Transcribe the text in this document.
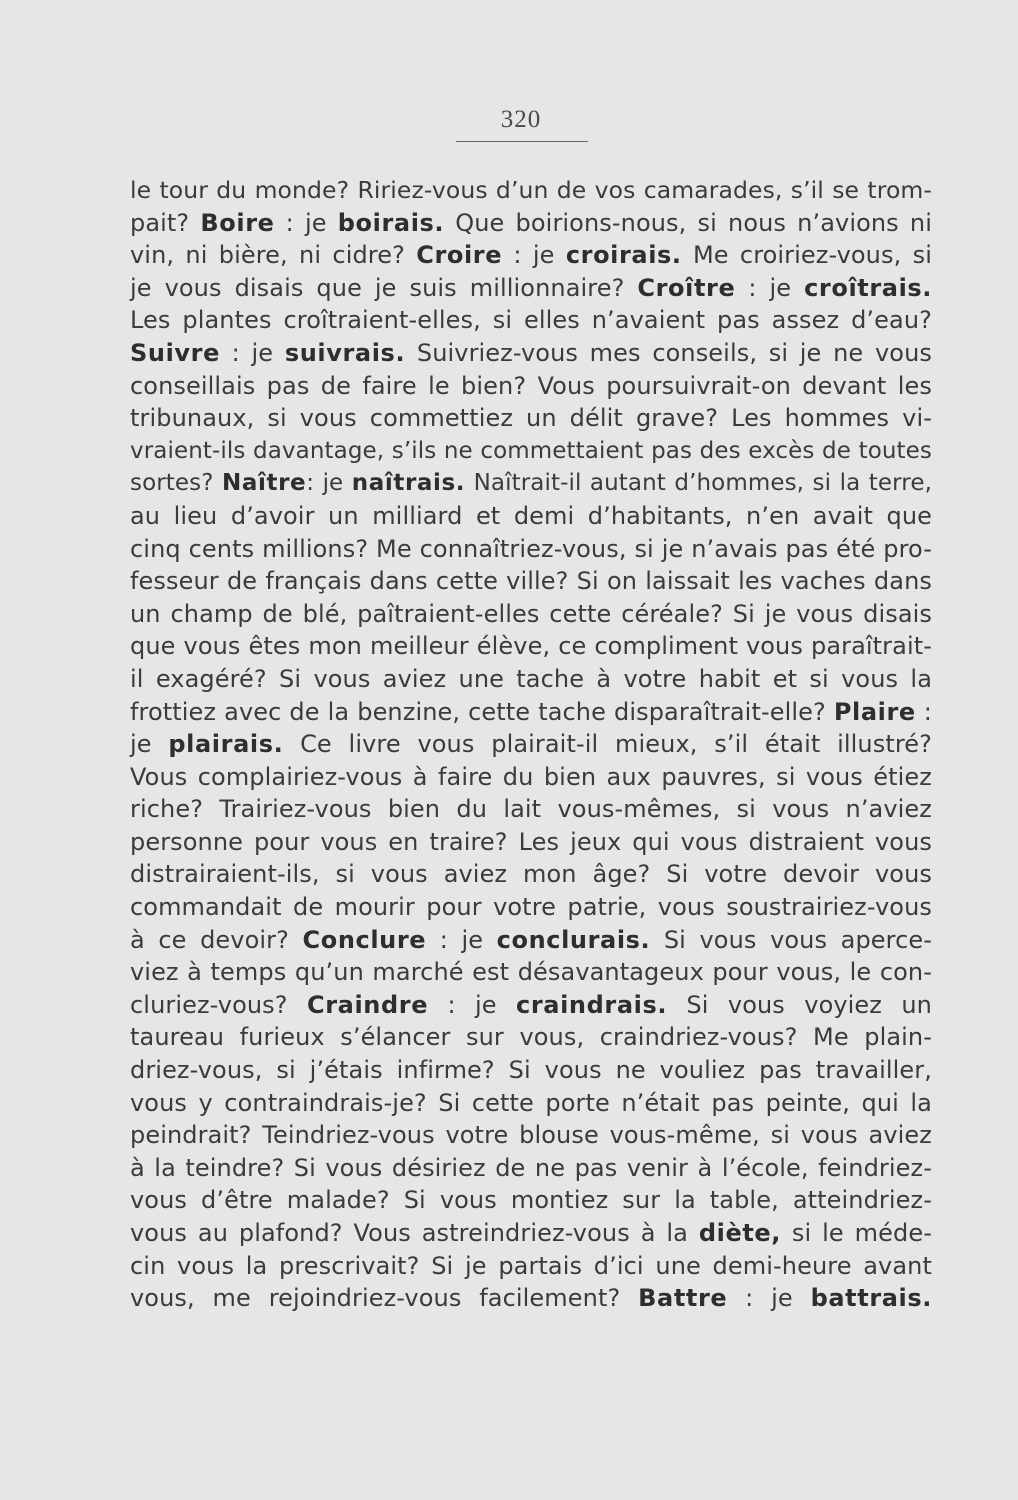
320
le tour du monde? Ririez-vous d’un de vos camarades, s’il se trom-
pait? Boire : je boirais. Que boirions-nous, si nous n’avions ni
vin, ni bière, ni cidre? Croire : je croirais. Me croiriez-vous, si
je vous disais que je suis millionnaire? Croître : je croîtrais.
Les plantes croîtraient-elles, si elles n’avaient pas assez d’eau?
Suivre : je suivrais. Suivriez-vous mes conseils, si je ne vous
conseillais pas de faire le bien? Vous poursuivrait-on devant les
tribunaux, si vous commettiez un délit grave? Les hommes vi-
vraient-ils davantage, s’ils ne commettaient pas des excès de toutes
sortes? Naître: je naîtrais. Naîtrait-il autant d’hommes, si la terre,
au lieu d’avoir un milliard et demi d’habitants, n’en avait que
cinq cents millions? Me connaîtriez-vous, si je n’avais pas été pro-
fesseur de français dans cette ville? Si on laissait les vaches dans
un champ de blé, paîtraient-elles cette céréale? Si je vous disais
que vous êtes mon meilleur élève, ce compliment vous paraîtrait-
il exagéré? Si vous aviez une tache à votre habit et si vous la
frottiez avec de la benzine, cette tache disparaîtrait-elle? Plaire :
je plairais. Ce livre vous plairait-il mieux, s’il était illustré?
Vous complairiez-vous à faire du bien aux pauvres, si vous étiez
riche? Trairiez-vous bien du lait vous-mêmes, si vous n’aviez
personne pour vous en traire? Les jeux qui vous distraient vous
distrairaient-ils, si vous aviez mon âge? Si votre devoir vous
commandait de mourir pour votre patrie, vous soustrairiez-vous
à ce devoir? Conclure : je conclurais. Si vous vous aperce-
viez à temps qu’un marché est désavantageux pour vous, le con-
cluriez-vous? Craindre : je craindrais. Si vous voyiez un
taureau furieux s’élancer sur vous, craindriez-vous? Me plain-
driez-vous, si j’étais infirme? Si vous ne vouliez pas travailler,
vous y contraindrais-je? Si cette porte n’était pas peinte, qui la
peindrait? Teindriez-vous votre blouse vous-même, si vous aviez
à la teindre? Si vous désiriez de ne pas venir à l’école, feindriez-
vous d’être malade? Si vous montiez sur la table, atteindriez-
vous au plafond? Vous astreindriez-vous à la diète, si le méde-
cin vous la prescrivait? Si je partais d’ici une demi-heure avant
vous, me rejoindriez-vous facilement? Battre : je battrais.
